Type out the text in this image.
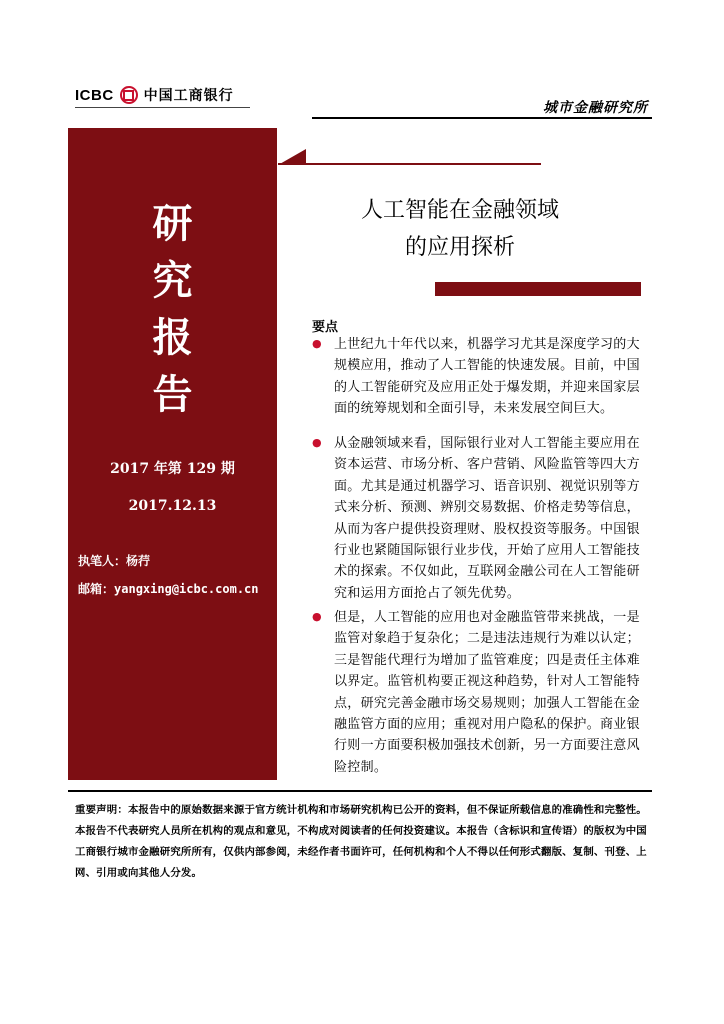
ICBC 中国工商银行
城市金融研究所
研
究
报
告
2017 年第 129 期
2017.12.13
执笔人：杨荇
邮箱：yangxing@icbc.com.cn
人工智能在金融领域
的应用探析
要点
● 上世纪九十年代以来，机器学习尤其是深度学习的大规模应用，推动了人工智能的快速发展。目前，中国的人工智能研究及应用正处于爆发期，并迎来国家层面的统筹规划和全面引导，未来发展空间巨大。
● 从金融领域来看，国际银行业对人工智能主要应用在资本运营、市场分析、客户营销、风险监管等四大方面。尤其是通过机器学习、语音识别、视觉识别等方式来分析、预测、辨别交易数据、价格走势等信息，从而为客户提供投资理财、股权投资等服务。中国银行业也紧随国际银行业步伐，开始了应用人工智能技术的探索。不仅如此，互联网金融公司在人工智能研究和运用方面抢占了领先优势。
● 但是，人工智能的应用也对金融监管带来挑战，一是监管对象趋于复杂化；二是违法违规行为难以认定；三是智能代理行为增加了监管难度；四是责任主体难以界定。监管机构要正视这种趋势，针对人工智能特点，研究完善金融市场交易规则；加强人工智能在金融监管方面的应用；重视对用户隐私的保护。商业银行则一方面要积极加强技术创新，另一方面要注意风险控制。
重要声明：本报告中的原始数据来源于官方统计机构和市场研究机构已公开的资料，但不保证所载信息的准确性和完整性。本报告不代表研究人员所在机构的观点和意见，不构成对阅读者的任何投资建议。本报告（含标识和宣传语）的版权为中国工商银行城市金融研究所所有，仅供内部参阅，未经作者书面许可，任何机构和个人不得以任何形式翻版、复制、刊登、上网、引用或向其他人分发。
